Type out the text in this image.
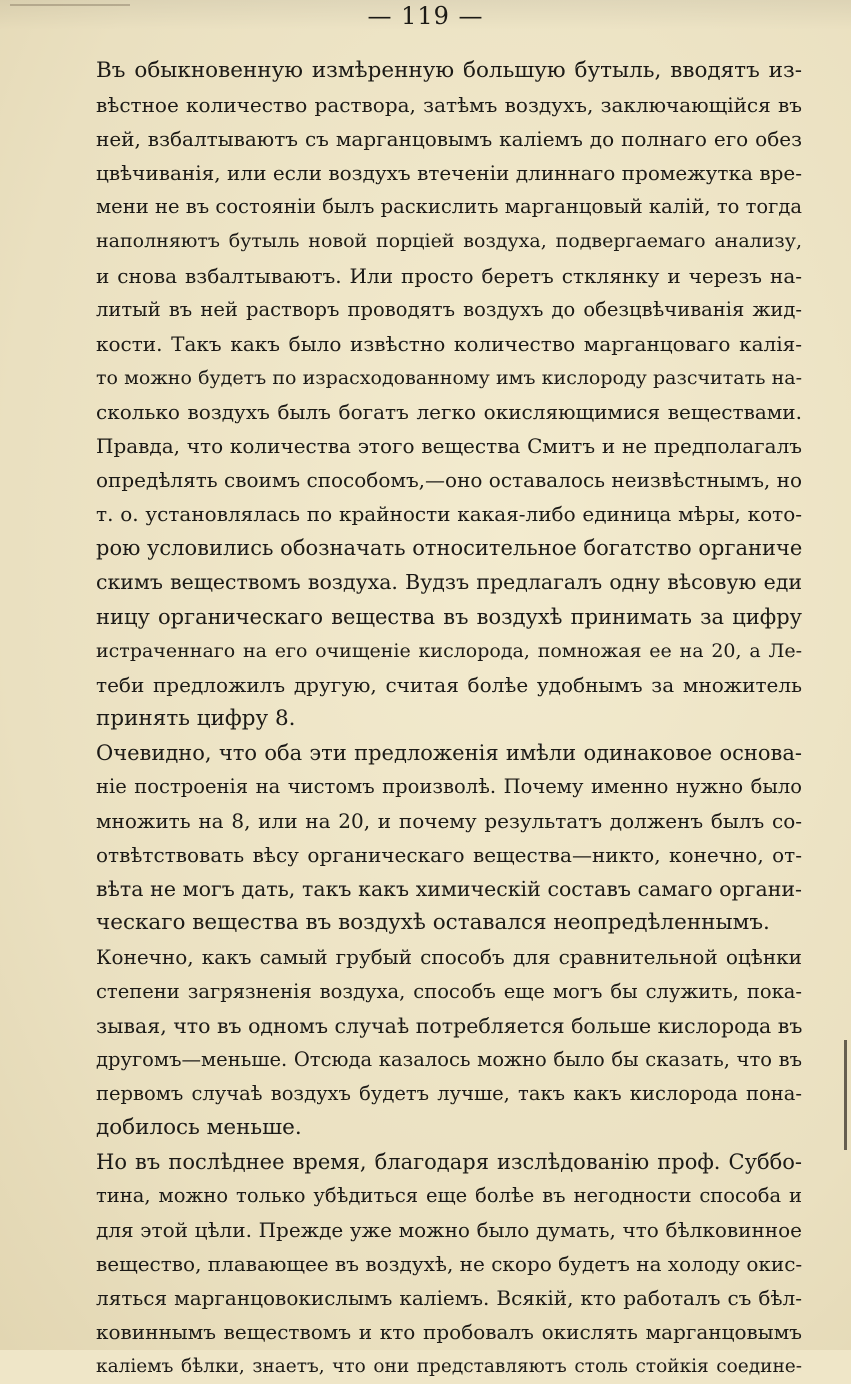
— 119 —
Въ обыкновенную измѣренную большую бутыль, вводятъ из-
вѣстное количество раствора, затѣмъ воздухъ, заключающійся въ
ней, взбалтываютъ съ марганцовымъ каліемъ до полнаго его обез
цвѣчиванія, или если воздухъ втеченіи длиннаго промежутка вре-
мени не въ состояніи былъ раскислить марганцовый калій, то тогда
наполняютъ бутыль новой порціей воздуха, подвергаемаго анализу,
и снова взбалтываютъ. Или просто беретъ стклянку и черезъ на-
литый въ ней растворъ проводятъ воздухъ до обезцвѣчиванія жид-
кости. Такъ какъ было извѣстно количество марганцоваго калія-
то можно будетъ по израсходованному имъ кислороду разсчитать на-
сколько воздухъ былъ богатъ легко окисляющимися веществами.
Правда, что количества этого вещества Смитъ и не предполагалъ
опредѣлять своимъ способомъ,—оно оставалось неизвѣстнымъ, но
т. о. установлялась по крайности какая-либо единица мѣры, кото-
рою условились обозначать относительное богатство органиче
скимъ веществомъ воздуха. Вудзъ предлагалъ одну вѣсовую еди
ницу органическаго вещества въ воздухѣ принимать за цифру
истраченнаго на его очищеніе кислорода, помножая ее на 20, а Ле-
теби предложилъ другую, считая болѣе удобнымъ за множитель
принять цифру 8.
Очевидно, что оба эти предложенія имѣли одинаковое основа-
ніе построенія на чистомъ произволѣ. Почему именно нужно было
множить на 8, или на 20, и почему результатъ долженъ былъ со-
отвѣтствовать вѣсу органическаго вещества—никто, конечно, от-
вѣта не могъ дать, такъ какъ химическій составъ самаго органи-
ческаго вещества въ воздухѣ оставался неопредѣленнымъ.
Конечно, какъ самый грубый способъ для сравнительной оцѣнки
степени загрязненія воздуха, способъ еще могъ бы служить, пока-
зывая, что въ одномъ случаѣ потребляется больше кислорода въ
другомъ—меньше. Отсюда казалось можно было бы сказать, что въ
первомъ случаѣ воздухъ будетъ лучше, такъ какъ кислорода пона-
добилось меньше.
Но въ послѣднее время, благодаря изслѣдованію проф. Суббо-
тина, можно только убѣдиться еще болѣе въ негодности способа и
для этой цѣли. Прежде уже можно было думать, что бѣлковинное
вещество, плавающее въ воздухѣ, не скоро будетъ на холоду окис-
ляться марганцовокислымъ каліемъ. Всякій, кто работалъ съ бѣл-
ковиннымъ веществомъ и кто пробовалъ окислять марганцовымъ
каліемъ бѣлки, знаетъ, что они представляютъ столь стойкія соедине-
